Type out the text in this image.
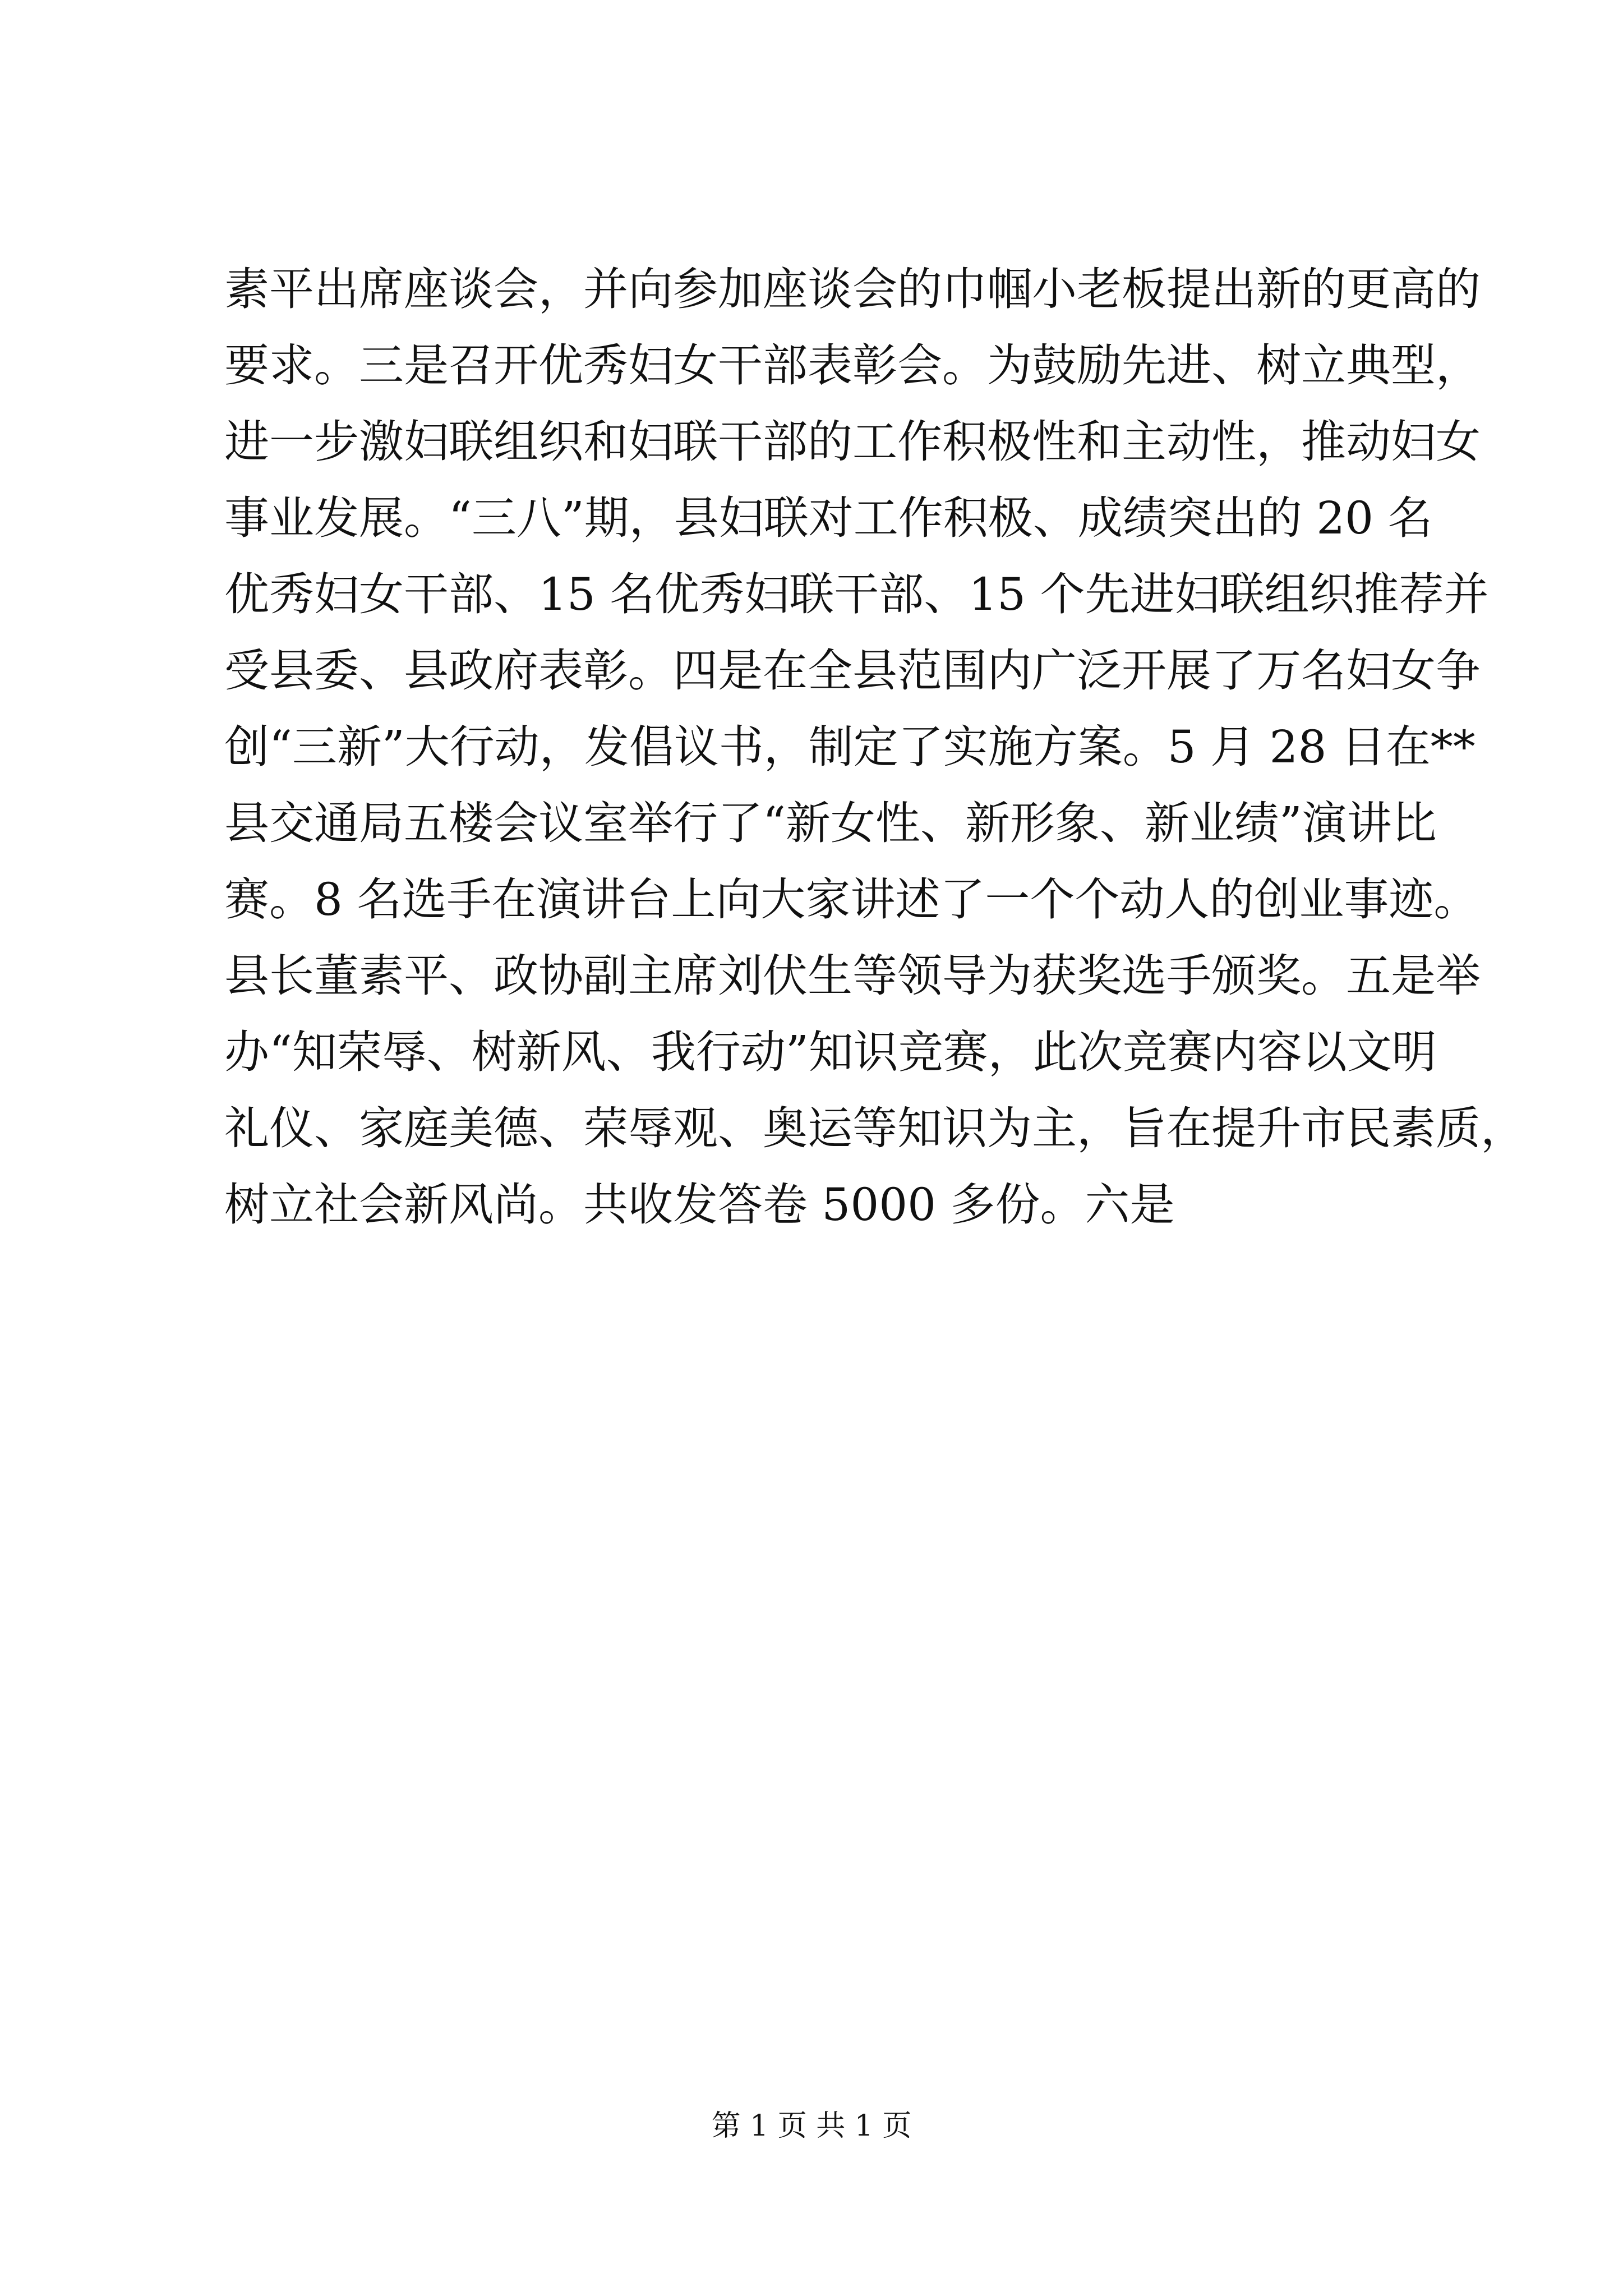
素平出席座谈会，并向参加座谈会的巾帼小老板提出新的更高的
要求。三是召开优秀妇女干部表彰会。为鼓励先进、树立典型，
进一步激妇联组织和妇联干部的工作积极性和主动性，推动妇女
事业发展。“三八”期，县妇联对工作积极、成绩突出的 20 名
优秀妇女干部、15 名优秀妇联干部、15 个先进妇联组织推荐并
受县委、县政府表彰。四是在全县范围内广泛开展了万名妇女争
创“三新”大行动，发倡议书，制定了实施方案。5 月 28 日在**
县交通局五楼会议室举行了“新女性、新形象、新业绩”演讲比
赛。8 名选手在演讲台上向大家讲述了一个个动人的创业事迹。
县长董素平、政协副主席刘伏生等领导为获奖选手颁奖。五是举
办“知荣辱、树新风、我行动”知识竞赛，此次竞赛内容以文明
礼仪、家庭美德、荣辱观、奥运等知识为主，旨在提升市民素质，
树立社会新风尚。共收发答卷 5000 多份。六是
第 1 页 共 1 页
